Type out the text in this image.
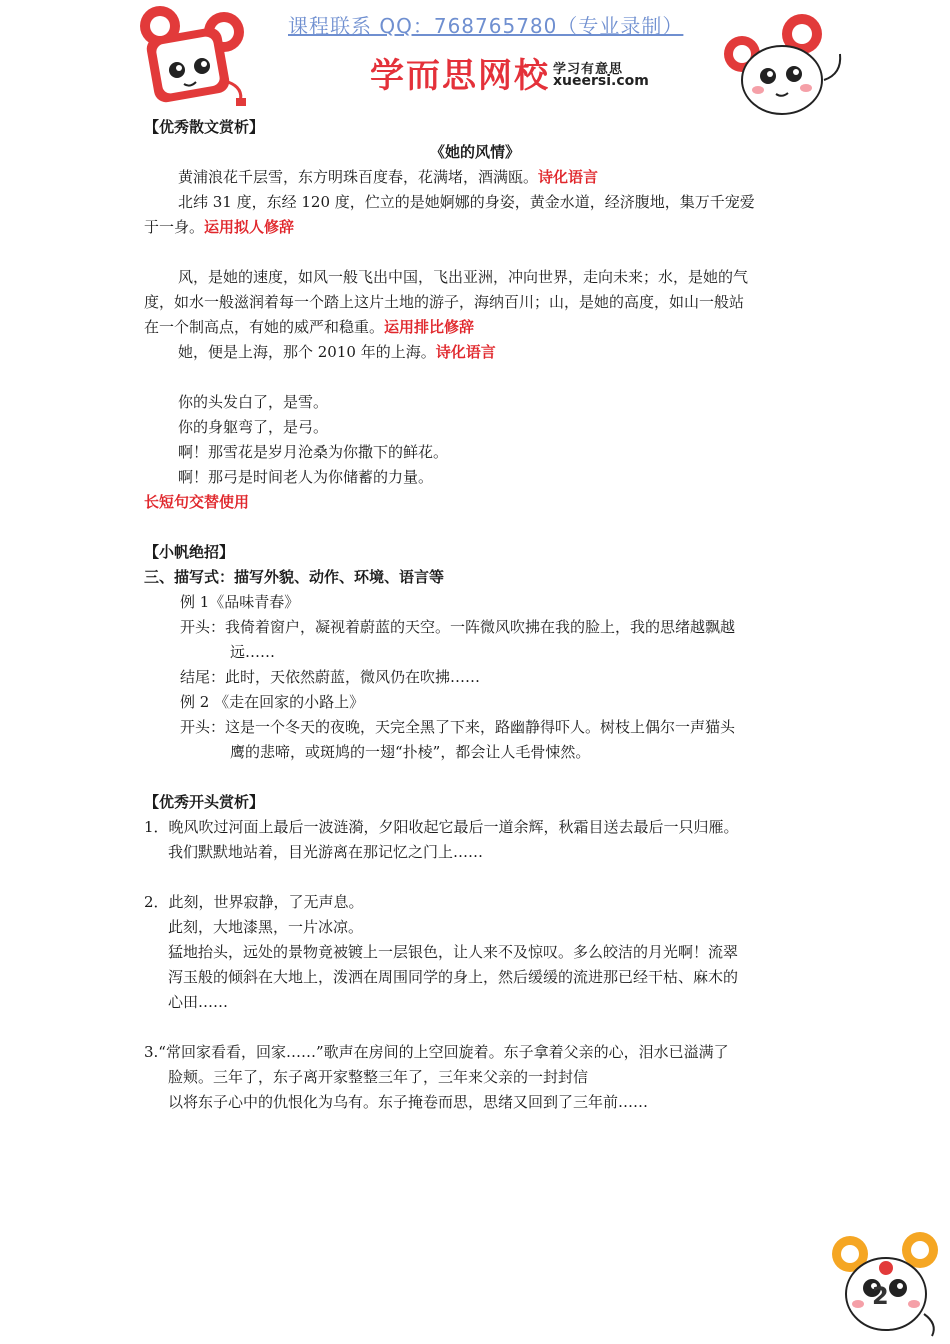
课程联系 QQ：768765780（专业录制）
学而思网校 学习有意思
xueersi.com
【优秀散文赏析】
《她的风情》
黄浦浪花千层雪，东方明珠百度春，花满堵，酒满瓯。诗化语言
北纬 31 度，东经 120 度，伫立的是她婀娜的身姿，黄金水道，经济腹地，集万千宠爱
于一身。运用拟人修辞
风，是她的速度，如风一般飞出中国，飞出亚洲，冲向世界，走向未来；水，是她的气
度，如水一般滋润着每一个踏上这片土地的游子，海纳百川；山，是她的高度，如山一般站
在一个制高点，有她的威严和稳重。运用排比修辞
她，便是上海，那个 2010 年的上海。诗化语言
你的头发白了，是雪。
你的身躯弯了，是弓。
啊！那雪花是岁月沧桑为你撒下的鲜花。
啊！那弓是时间老人为你储蓄的力量。
长短句交替使用
【小帆绝招】
三、描写式：描写外貌、动作、环境、语言等
例 1《品味青春》
开头：我倚着窗户，凝视着蔚蓝的天空。一阵微风吹拂在我的脸上，我的思绪越飘越
远……
结尾：此时，天依然蔚蓝，微风仍在吹拂……
例 2 《走在回家的小路上》
开头：这是一个冬天的夜晚，天完全黑了下来，路幽静得吓人。树枝上偶尔一声猫头
鹰的悲啼，或斑鸠的一翅“扑棱”，都会让人毛骨悚然。
【优秀开头赏析】
1．晚风吹过河面上最后一波涟漪，夕阳收起它最后一道余辉，秋霜目送去最后一只归雁。
我们默默地站着，目光游离在那记忆之门上……
2．此刻，世界寂静，了无声息。
此刻，大地漆黑，一片冰凉。
猛地抬头，远处的景物竟被镀上一层银色，让人来不及惊叹。多么皎洁的月光啊！流翠
泻玉般的倾斜在大地上，泼洒在周围同学的身上，然后缓缓的流进那已经干枯、麻木的
心田……
3.“常回家看看，回家……”歌声在房间的上空回旋着。东子拿着父亲的心，泪水已溢满了
脸颊。三年了，东子离开家整整三年了，三年来父亲的一封封信
以将东子心中的仇恨化为乌有。东子掩卷而思，思绪又回到了三年前……
2
